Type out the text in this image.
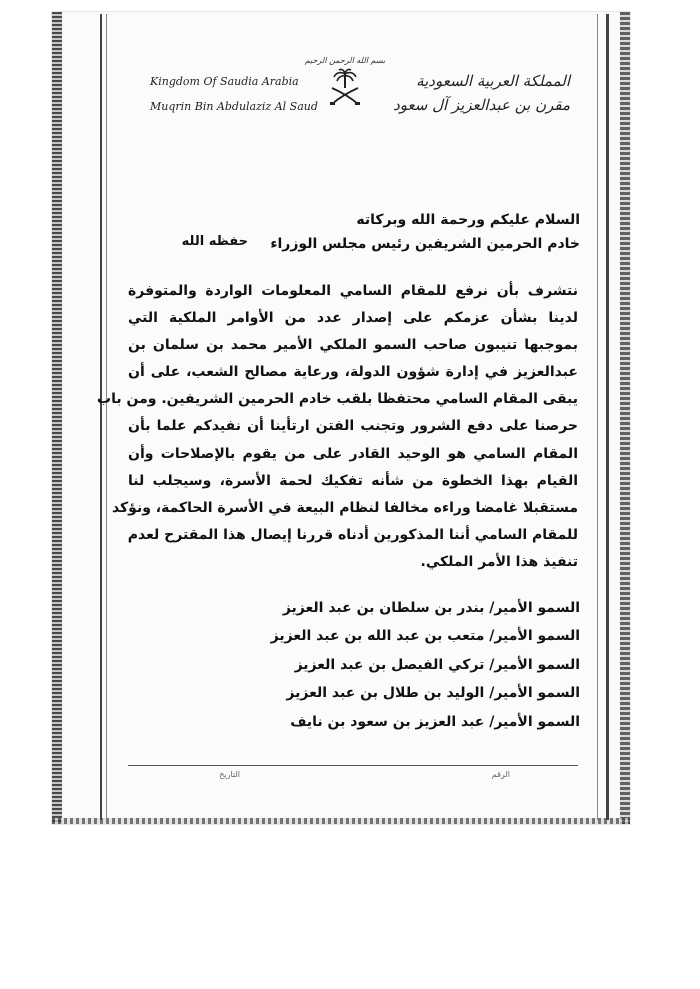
بسم الله الرحمن الرحيم
Kingdom Of Saudia Arabia
Muqrin Bin Abdulaziz Al Saud
المملكة العربية السعودية
مقرن بن عبدالعزيز آل سعود
السلام عليكم ورحمة الله وبركاته
خادم الحرمين الشريفين رئيس مجلس الوزراء
حفظه الله
نتشرف بأن نرفع للمقام السامي المعلومات الواردة والمتوفرة
لدينا بشأن عزمكم على إصدار عدد من الأوامر الملكية التي
بموجبها تنيبون صاحب السمو الملكي الأمير محمد بن سلمان بن
عبدالعزيز في إدارة شؤون الدولة، ورعاية مصالح الشعب، على أن
يبقى المقام السامي محتفظا بلقب خادم الحرمين الشريفين. ومن باب
حرصنا على دفع الشرور وتجنب الفتن ارتأينا أن نفيدكم علما بأن
المقام السامي هو الوحيد القادر على من يقوم بالإصلاحات وأن
القيام بهذا الخطوة من شأنه تفكيك لحمة الأسرة، وسيجلب لنا
مستقبلا غامضا وراءه مخالفا لنظام البيعة في الأسرة الحاكمة، ونؤكد
للمقام السامي أننا المذكورين أدناه قررنا إيصال هذا المقترح لعدم
تنفيذ هذا الأمر الملكي.
السمو الأمير/ بندر بن سلطان بن عبد العزيز
السمو الأمير/ متعب بن عبد الله بن عبد العزيز
السمو الأمير/ تركي الفيصل بن عبد العزيز
السمو الأمير/ الوليد بن طلال بن عبد العزيز
السمو الأمير/ عبد العزيز بن سعود بن نايف
التاريخ	الرقم
